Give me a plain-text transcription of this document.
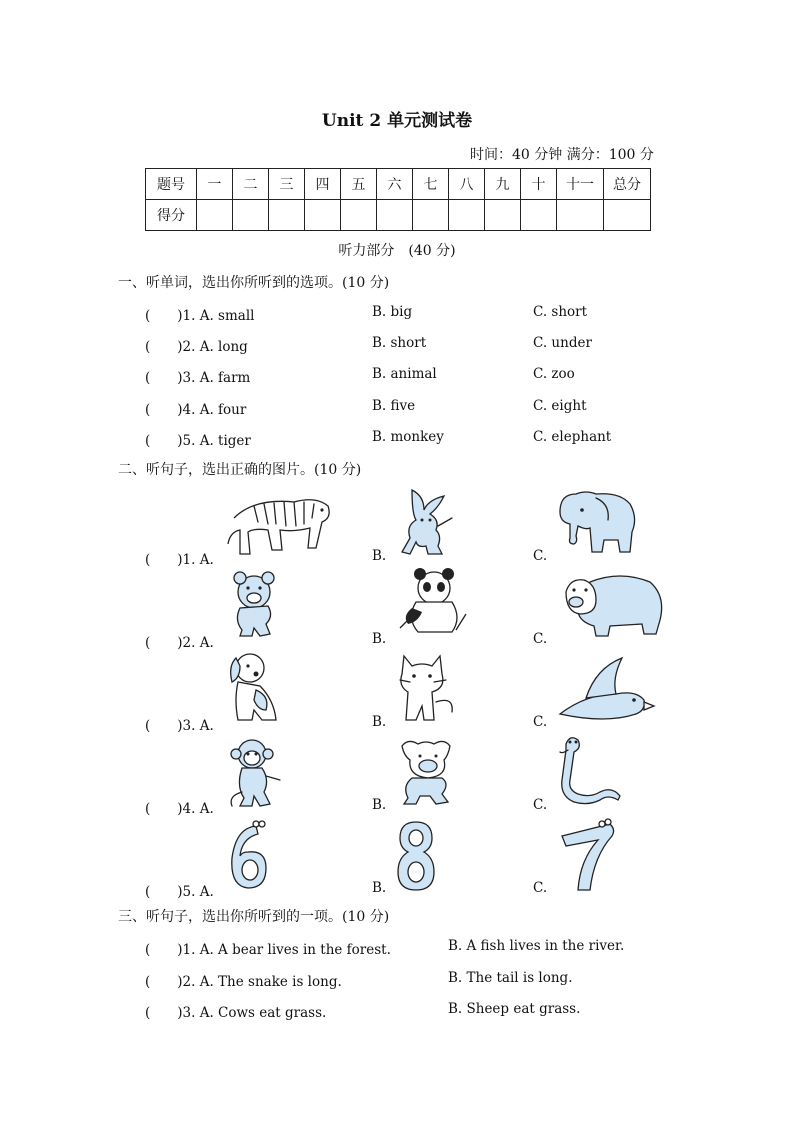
Unit 2 单元测试卷
时间：40 分钟 满分：100 分
题号	一	二	三	四	五	六	七	八	九	十	十一	总分
得分												
听力部分　(40 分)
一、听单词，选出你所听到的选项。(10 分)
(　　)1. A. small	B. big	C. short
(　　)2. A. long	B. short	C. under
(　　)3. A. farm	B. animal	C. zoo
(　　)4. A. four	B. five	C. eight
(　　)5. A. tiger	B. monkey	C. elephant
二、听句子，选出正确的图片。(10 分)
(　　)1. A.	B.	C.
(　　)2. A.	B.	C.
(　　)3. A.	B.	C.
(　　)4. A.	B.	C.
(　　)5. A.	B.	C.
三、听句子，选出你所听到的一项。(10 分)
(　　)1. A. A bear lives in the forest.	B. A fish lives in the river.
(　　)2. A. The snake is long.	B. The tail is long.
(　　)3. A. Cows eat grass.	B. Sheep eat grass.
